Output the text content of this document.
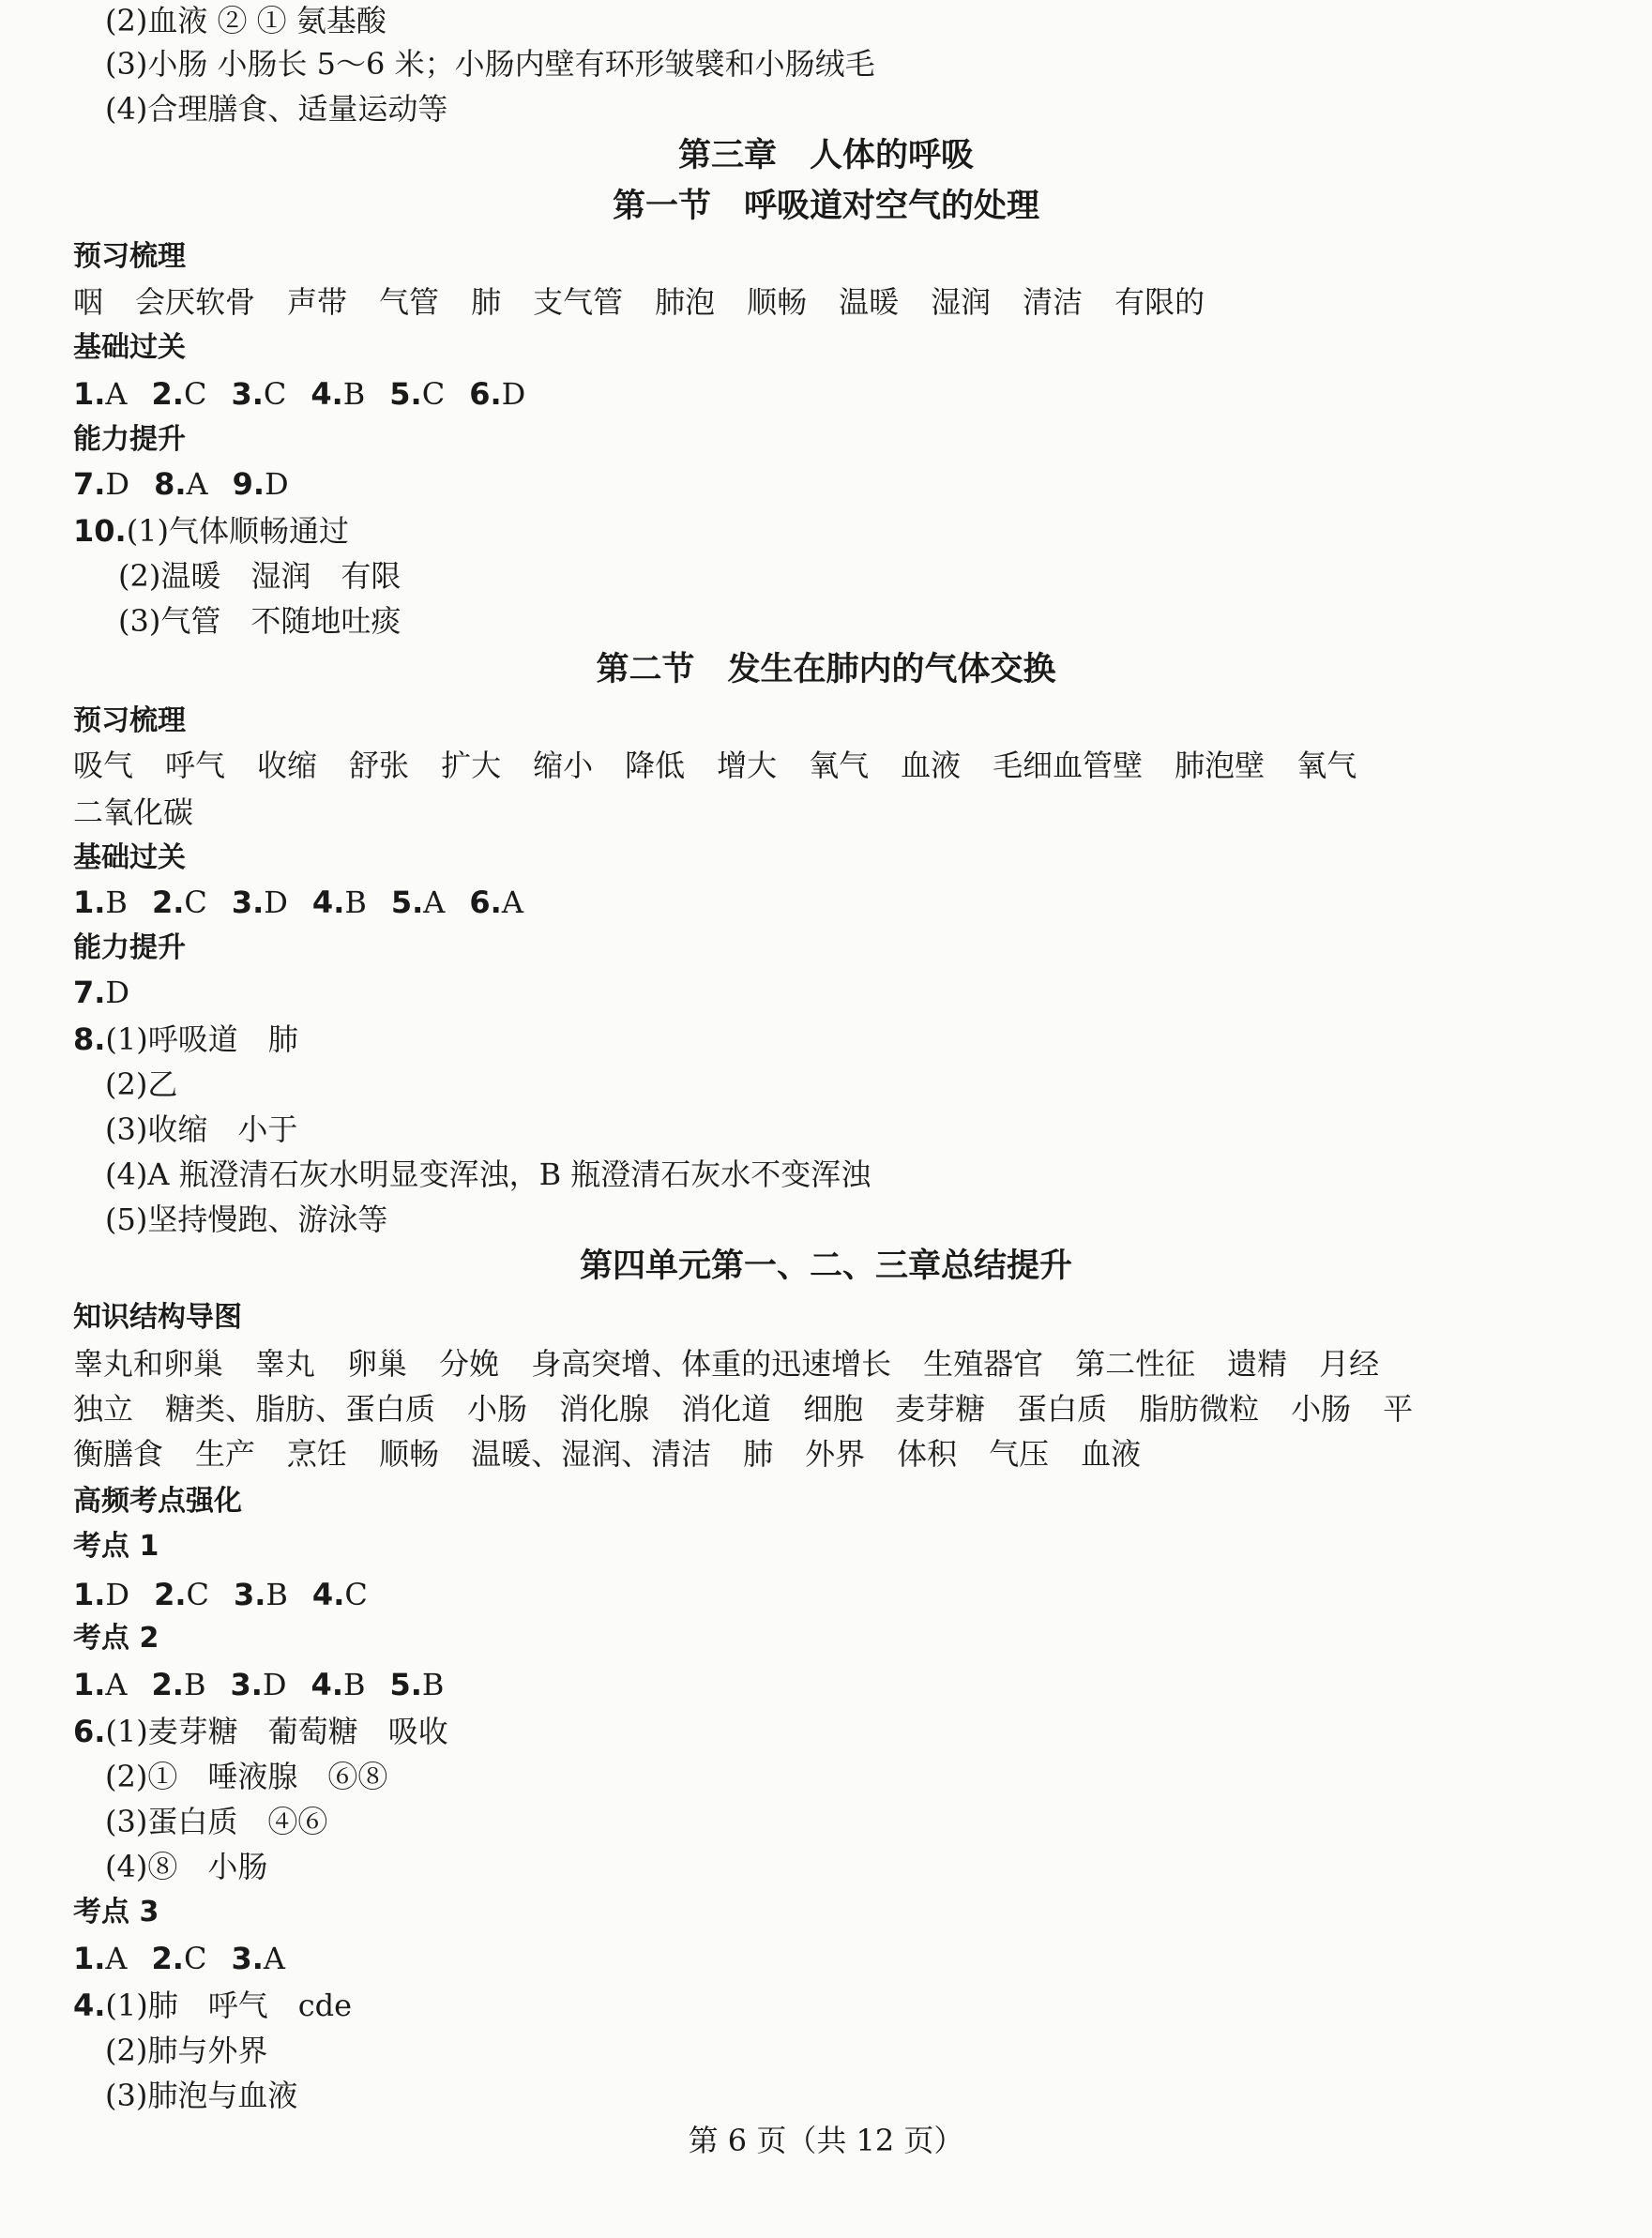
(2)血液 ② ① 氨基酸
(3)小肠 小肠长 5～6 米；小肠内壁有环形皱襞和小肠绒毛
(4)合理膳食、适量运动等
第三章　人体的呼吸
第一节　呼吸道对空气的处理
预习梳理
咽 会厌软骨 声带 气管 肺 支气管 肺泡 顺畅 温暖 湿润 清洁 有限的
基础过关
1.A 2.C 3.C 4.B 5.C 6.D
能力提升
7.D 8.A 9.D
10.(1)气体顺畅通过
(2)温暖　湿润　有限
(3)气管　不随地吐痰
第二节　发生在肺内的气体交换
预习梳理
吸气 呼气 收缩 舒张 扩大 缩小 降低 增大 氧气 血液 毛细血管壁 肺泡壁 氧气
二氧化碳
基础过关
1.B 2.C 3.D 4.B 5.A 6.A
能力提升
7.D
8.(1)呼吸道　肺
(2)乙
(3)收缩　小于
(4)A 瓶澄清石灰水明显变浑浊，B 瓶澄清石灰水不变浑浊
(5)坚持慢跑、游泳等
第四单元第一、二、三章总结提升
知识结构导图
睾丸和卵巢 睾丸 卵巢 分娩 身高突增、体重的迅速增长 生殖器官 第二性征 遗精 月经
独立 糖类、脂肪、蛋白质 小肠 消化腺 消化道 细胞 麦芽糖 蛋白质 脂肪微粒 小肠 平
衡膳食 生产 烹饪 顺畅 温暖、湿润、清洁 肺 外界 体积 气压 血液
高频考点强化
考点 1
1.D 2.C 3.B 4.C
考点 2
1.A 2.B 3.D 4.B 5.B
6.(1)麦芽糖　葡萄糖　吸收
(2)①　唾液腺　⑥⑧
(3)蛋白质　④⑥
(4)⑧　小肠
考点 3
1.A 2.C 3.A
4.(1)肺　呼气　cde
(2)肺与外界
(3)肺泡与血液
第 6 页（共 12 页）
